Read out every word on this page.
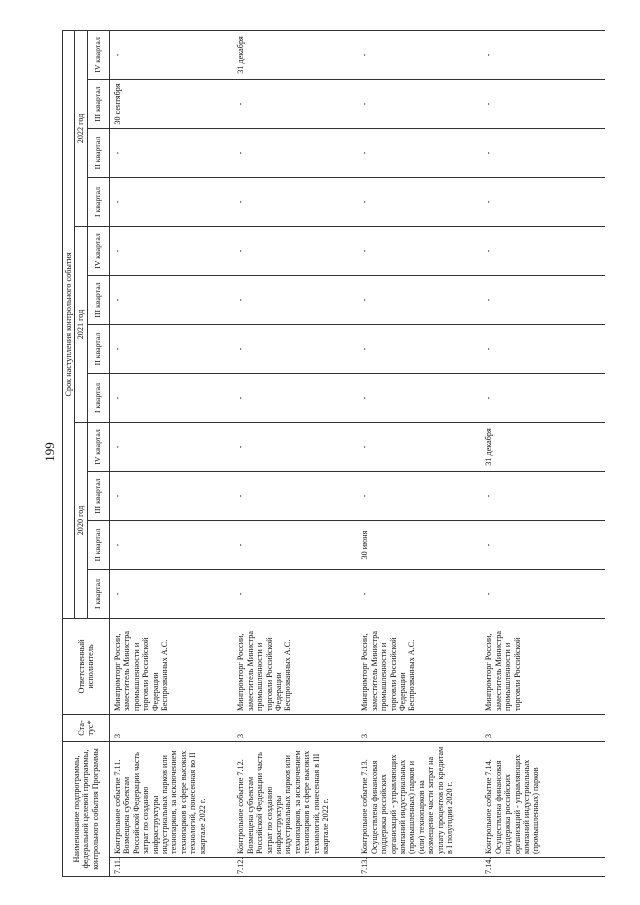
199
Наименование подпрограммы, федеральной целевой программы, контрольного события Программы		Ста-тус*	Ответственный исполнитель	Срок наступления контрольного события											
				2020 год				2021 год				2022 год			
				I квартал	II квартал	III квартал	IV квартал	I квартал	II квартал	III квартал	IV квартал	I квартал	II квартал	III квартал	IV квартал
7.11.	Контрольное событие 7.11. Возмещена субъектам Российской Федерации часть затрат по созданию инфраструктуры индустриальных парков или технопарков, за исключением технопарков в сфере высоких технологий, понесенная во II квартале 2022 г.	3	Минпромторг России, заместитель Министра промышленности и торговли Российской Федерации Беспрозванных А.С.	-	-	-	-	-	-	-	-	-	-	30 сентября	-
7.12.	Контрольное событие 7.12. Возмещена субъектам Российской Федерации часть затрат по созданию инфраструктуры индустриальных парков или технопарков, за исключением технопарков в сфере высоких технологий, понесенная в III квартале 2022 г.	3	Минпромторг России, заместитель Министра промышленности и торговли Российской Федерации Беспрозванных А.С.	-	-	-	-	-	-	-	-	-	-	-	31 декабря
7.13.	Контрольное событие 7.13. Осуществлена финансовая поддержка российских организаций - управляющих компаний индустриальных (промышленных) парков и (или) технопарков на возмещение части затрат на уплату процентов по кредитам в I полугодии 2020 г.	3	Минпромторг России, заместитель Министра промышленности и торговли Российской Федерации Беспрозванных А.С.	-	30 июня	-	-	-	-	-	-	-	-	-	-
7.14.	Контрольное событие 7.14. Осуществлена финансовая поддержка российских организаций - управляющих компаний индустриальных (промышленных) парков	3	Минпромторг России, заместитель Министра промышленности и торговли Российской	-	-	-	31 декабря	-	-	-	-	-	-	-	-
